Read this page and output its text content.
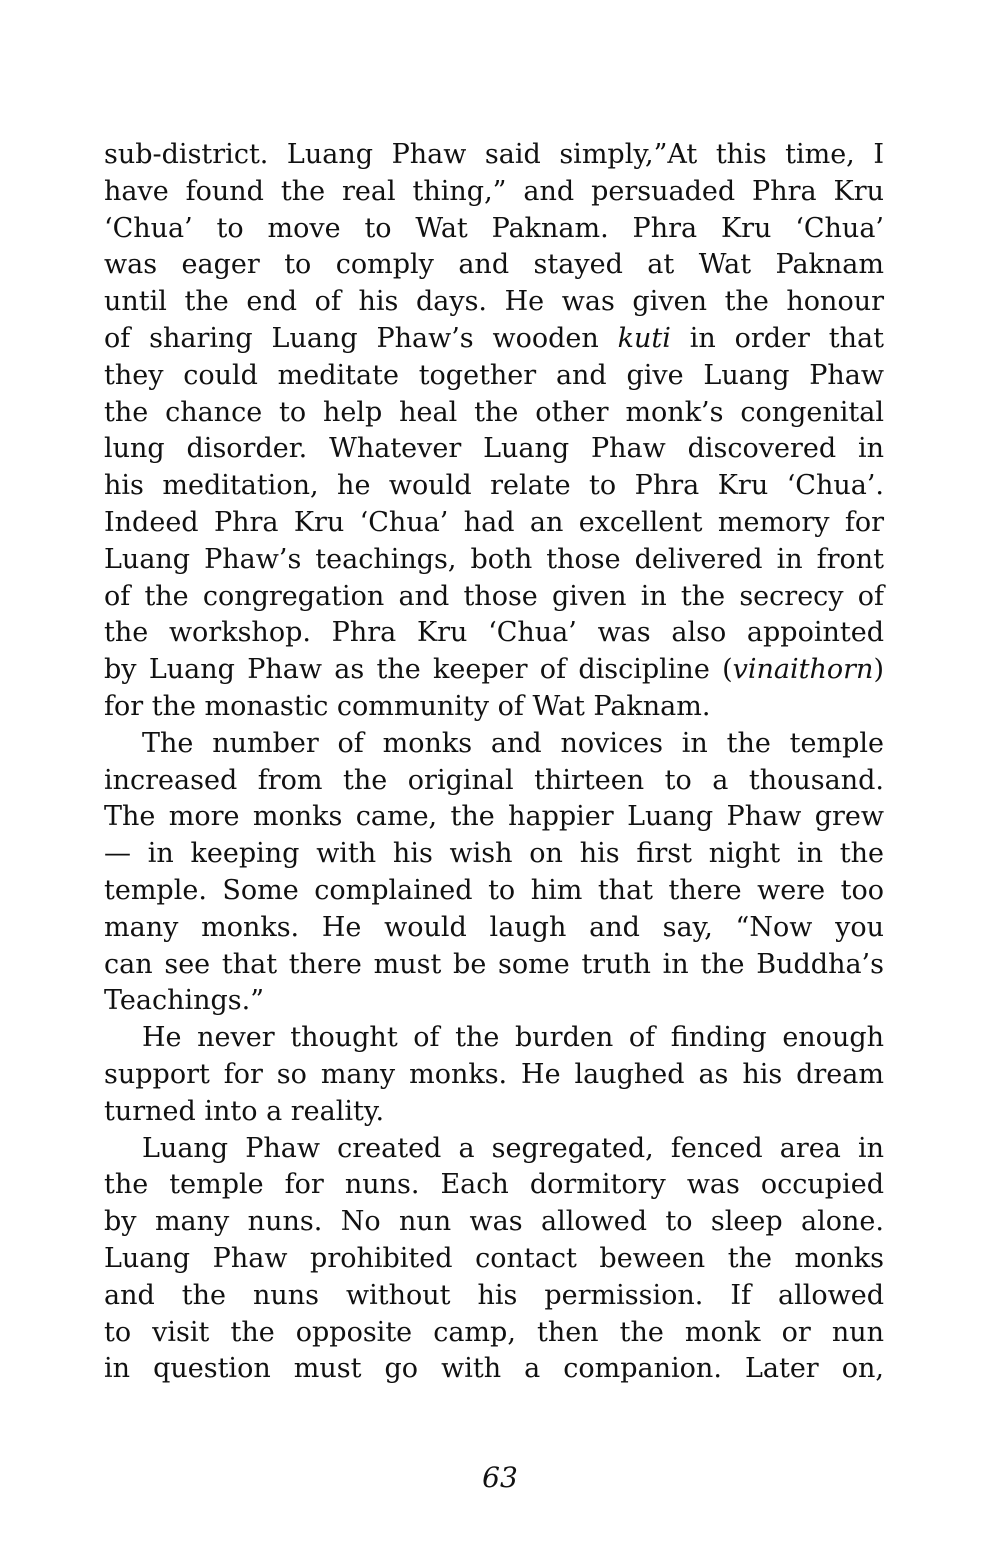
sub-district. Luang Phaw said simply,”At this time, I
have found the real thing,” and persuaded Phra Kru
‘Chua’ to move to Wat Paknam. Phra Kru ‘Chua’
was eager to comply and stayed at Wat Paknam
until the end of his days. He was given the honour
of sharing Luang Phaw’s wooden kuti in order that
they could meditate together and give Luang Phaw
the chance to help heal the other monk’s congenital
lung disorder. Whatever Luang Phaw discovered in
his meditation, he would relate to Phra Kru ‘Chua’.
Indeed Phra Kru ‘Chua’ had an excellent memory for
Luang Phaw’s teachings, both those delivered in front
of the congregation and those given in the secrecy of
the workshop. Phra Kru ‘Chua’ was also appointed
by Luang Phaw as the keeper of discipline (vinaithorn)
for the monastic community of Wat Paknam.
The number of monks and novices in the temple
increased from the original thirteen to a thousand.
The more monks came, the happier Luang Phaw grew
— in keeping with his wish on his first night in the
temple. Some complained to him that there were too
many monks. He would laugh and say, “Now you
can see that there must be some truth in the Buddha’s
Teachings.”
He never thought of the burden of finding enough
support for so many monks. He laughed as his dream
turned into a reality.
Luang Phaw created a segregated, fenced area in
the temple for nuns. Each dormitory was occupied
by many nuns. No nun was allowed to sleep alone.
Luang Phaw prohibited contact beween the monks
and the nuns without his permission. If allowed
to visit the opposite camp, then the monk or nun
in question must go with a companion. Later on,
63
